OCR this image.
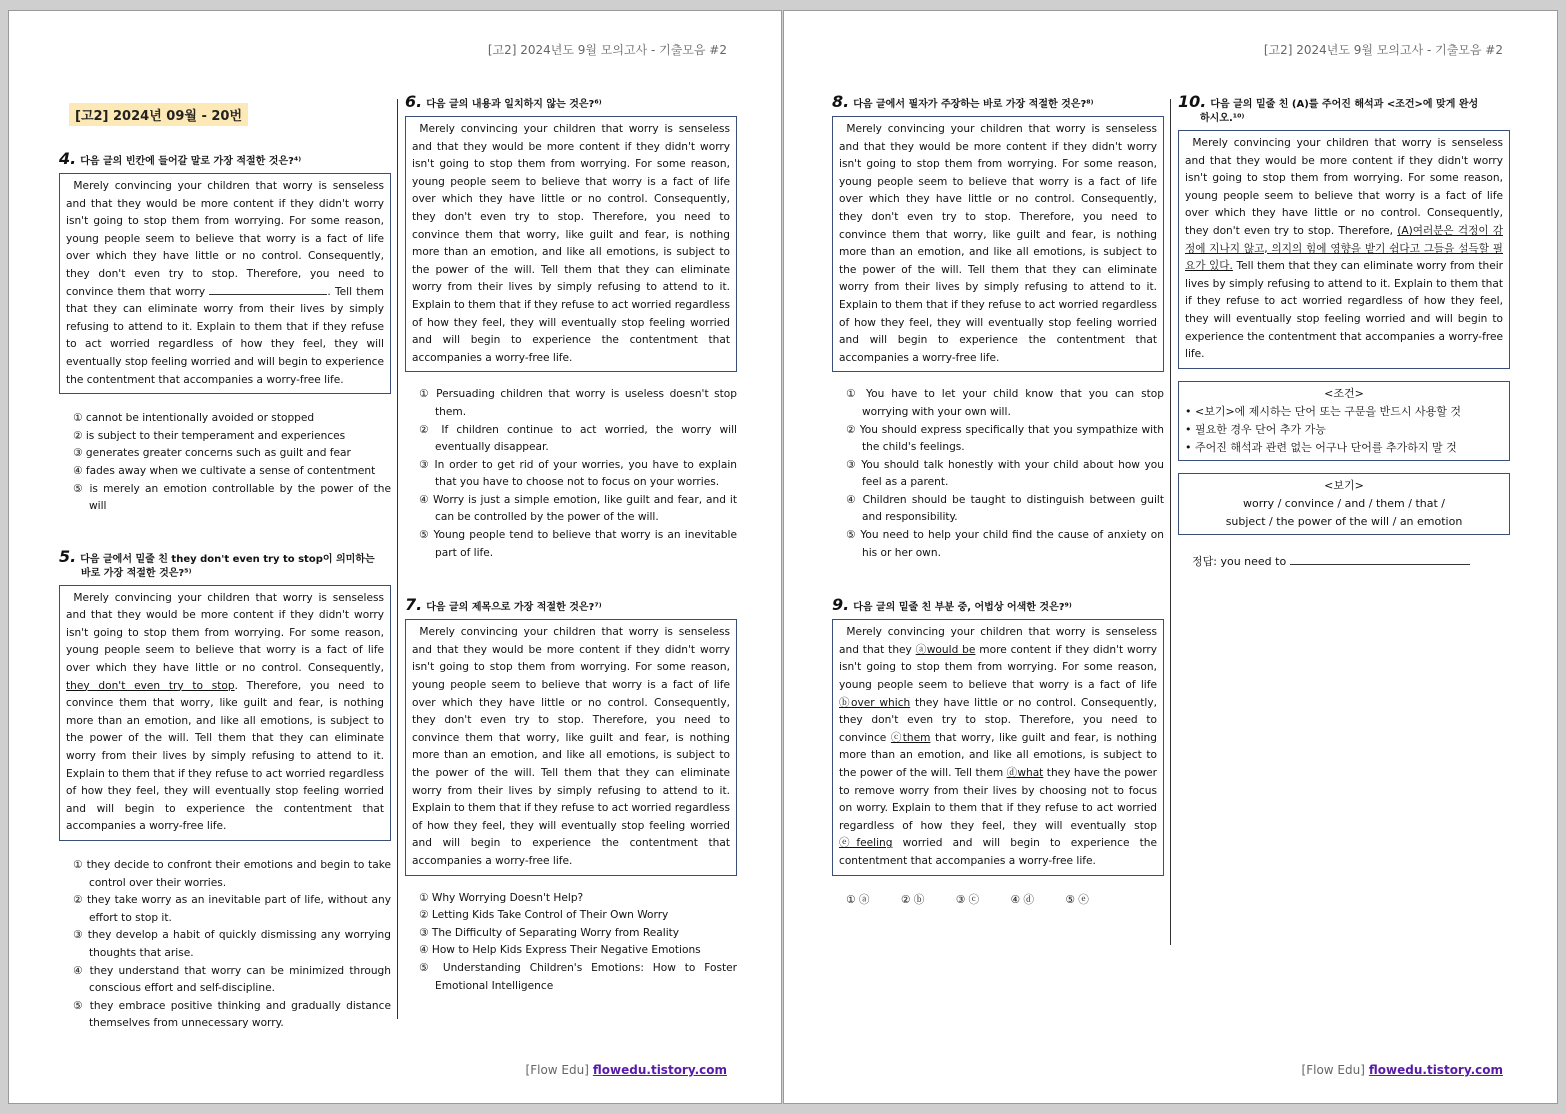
[고2] 2024년도 9월 모의고사 - 기출모음 #2
[고2] 2024년 09월 - 20번
4. 다음 글의 빈칸에 들어갈 말로 가장 적절한 것은?⁴⁾

Merely convincing your children that worry is senseless and that they would be more content if they didn't worry isn't going to stop them from worrying. For some reason, young people seem to believe that worry is a fact of life over which they have little or no control. Consequently, they don't even try to stop. Therefore, you need to convince them that worry	. Tell them that they can eliminate worry from their lives by simply refusing to attend to it. Explain to them that if they refuse to act worried regardless of how they feel, they will eventually stop feeling worried and will begin to experience the contentment that accompanies a worry-free life.

① cannot be intentionally avoided or stopped
② is subject to their temperament and experiences
③ generates greater concerns such as guilt and fear
④ fades away when we cultivate a sense of contentment
⑤ is merely an emotion controllable by the power of the will
5. 다음 글에서 밑줄 친 they don't even try to stop이 의미하는
바로 가장 적절한 것은?⁵⁾

Merely convincing your children that worry is senseless and that they would be more content if they didn't worry isn't going to stop them from worrying. For some reason, young people seem to believe that worry is a fact of life over which they have little or no control. Consequently, they don't even try to stop. Therefore, you need to convince them that worry, like guilt and fear, is nothing more than an emotion, and like all emotions, is subject to the power of the will. Tell them that they can eliminate worry from their lives by simply refusing to attend to it. Explain to them that if they refuse to act worried regardless of how they feel, they will eventually stop feeling worried and will begin to experience the contentment that accompanies a worry-free life.

① they decide to confront their emotions and begin to take control over their worries.
② they take worry as an inevitable part of life, without any effort to stop it.
③ they develop a habit of quickly dismissing any worrying thoughts that arise.
④ they understand that worry can be minimized through conscious effort and self-discipline.
⑤ they embrace positive thinking and gradually distance themselves from unnecessary worry.
6. 다음 글의 내용과 일치하지 않는 것은?⁶⁾

Merely convincing your children that worry is senseless and that they would be more content if they didn't worry isn't going to stop them from worrying. For some reason, young people seem to believe that worry is a fact of life over which they have little or no control. Consequently, they don't even try to stop. Therefore, you need to convince them that worry, like guilt and fear, is nothing more than an emotion, and like all emotions, is subject to the power of the will. Tell them that they can eliminate worry from their lives by simply refusing to attend to it. Explain to them that if they refuse to act worried regardless of how they feel, they will eventually stop feeling worried and will begin to experience the contentment that accompanies a worry-free life.

① Persuading children that worry is useless doesn't stop them.
② If children continue to act worried, the worry will eventually disappear.
③ In order to get rid of your worries, you have to explain that you have to choose not to focus on your worries.
④ Worry is just a simple emotion, like guilt and fear, and it can be controlled by the power of the will.
⑤ Young people tend to believe that worry is an inevitable part of life.
7. 다음 글의 제목으로 가장 적절한 것은?⁷⁾

Merely convincing your children that worry is senseless and that they would be more content if they didn't worry isn't going to stop them from worrying. For some reason, young people seem to believe that worry is a fact of life over which they have little or no control. Consequently, they don't even try to stop. Therefore, you need to convince them that worry, like guilt and fear, is nothing more than an emotion, and like all emotions, is subject to the power of the will. Tell them that they can eliminate worry from their lives by simply refusing to attend to it. Explain to them that if they refuse to act worried regardless of how they feel, they will eventually stop feeling worried and will begin to experience the contentment that accompanies a worry-free life.

① Why Worrying Doesn't Help?
② Letting Kids Take Control of Their Own Worry
③ The Difficulty of Separating Worry from Reality
④ How to Help Kids Express Their Negative Emotions
⑤ Understanding Children's Emotions: How to Foster Emotional Intelligence
[Flow Edu] flowedu.tistory.com
[고2] 2024년도 9월 모의고사 - 기출모음 #2
8. 다음 글에서 필자가 주장하는 바로 가장 적절한 것은?⁸⁾

Merely convincing your children that worry is senseless and that they would be more content if they didn't worry isn't going to stop them from worrying. For some reason, young people seem to believe that worry is a fact of life over which they have little or no control. Consequently, they don't even try to stop. Therefore, you need to convince them that worry, like guilt and fear, is nothing more than an emotion, and like all emotions, is subject to the power of the will. Tell them that they can eliminate worry from their lives by simply refusing to attend to it. Explain to them that if they refuse to act worried regardless of how they feel, they will eventually stop feeling worried and will begin to experience the contentment that accompanies a worry-free life.

① You have to let your child know that you can stop worrying with your own will.
② You should express specifically that you sympathize with the child's feelings.
③ You should talk honestly with your child about how you feel as a parent.
④ Children should be taught to distinguish between guilt and responsibility.
⑤ You need to help your child find the cause of anxiety on his or her own.
9. 다음 글의 밑줄 친 부분 중, 어법상 어색한 것은?⁹⁾

Merely convincing your children that worry is senseless and that they ⓐwould be more content if they didn't worry isn't going to stop them from worrying. For some reason, young people seem to believe that worry is a fact of life ⓑover which they have little or no control. Consequently, they don't even try to stop. Therefore, you need to convince ⓒthem that worry, like guilt and fear, is nothing more than an emotion, and like all emotions, is subject to the power of the will. Tell them ⓓwhat they have the power to remove worry from their lives by choosing not to focus on worry. Explain to them that if they refuse to act worried regardless of how they feel, they will eventually stop ⓔfeeling worried and will begin to experience the contentment that accompanies a worry-free life.

① ⓐ	② ⓑ	③ ⓒ	④ ⓓ	⑤ ⓔ
10. 다음 글의 밑줄 친 (A)를 주어진 해석과 <조건>에 맞게 완성
하시오.¹⁰⁾

Merely convincing your children that worry is senseless and that they would be more content if they didn't worry isn't going to stop them from worrying. For some reason, young people seem to believe that worry is a fact of life over which they have little or no control. Consequently, they don't even try to stop. Therefore, (A)여러분은 걱정이 감정에 지나지 않고, 의지의 힘에 영향을 받기 쉽다고 그들을 설득할 필요가 있다. Tell them that they can eliminate worry from their lives by simply refusing to attend to it. Explain to them that if they refuse to act worried regardless of how they feel, they will eventually stop feeling worried and will begin to experience the contentment that accompanies a worry-free life.

<조건>
• <보기>에 제시하는 단어 또는 구문을 반드시 사용할 것
• 필요한 경우 단어 추가 가능
• 주어진 해석과 관련 없는 어구나 단어를 추가하지 말 것
<보기>
worry / convince / and / them / that /
subject / the power of the will / an emotion
정답: you need to
[Flow Edu] flowedu.tistory.com
